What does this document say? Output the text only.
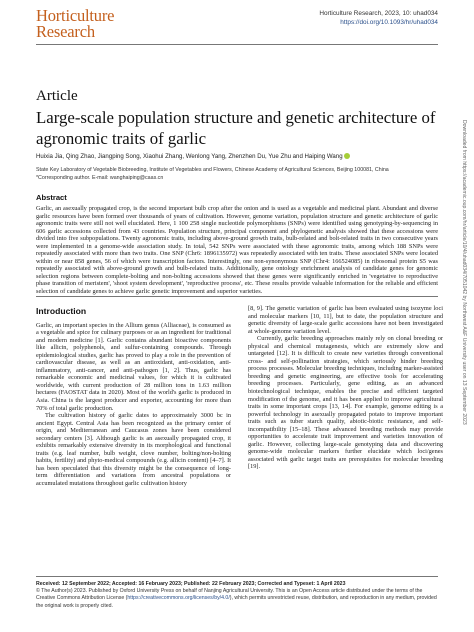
Horticulture
Research
Horticulture Research, 2023, 10: uhad034
https://doi.org/10.1093/hr/uhad034
Downloaded from https://academic.oup.com/hr/article/10/4/uhad034/7051042 by Northwest A&F University user on 13 September 2023
Article
Large-scale population structure and genetic architecture of agronomic traits of garlic
Huixia Jia, Qing Zhao, Jiangping Song, Xiaohui Zhang, Wenlong Yang, Zhenzhen Du, Yue Zhu and Haiping Wang
State Key Laboratory of Vegetable Biobreeding, Institute of Vegetables and Flowers, Chinese Academy of Agricultural Sciences, Beijing 100081, China
*Corresponding author. E-mail: wanghaiping@caas.cn
Abstract

Garlic, an asexually propagated crop, is the second important bulb crop after the onion and is used as a vegetable and medicinal plant. Abundant and diverse garlic resources have been formed over thousands of years of cultivation. However, genome variation, population structure and genetic architecture of garlic agronomic traits were still not well elucidated. Here, 1 100 258 single nucleotide polymorphisms (SNPs) were identified using genotyping-by-sequencing in 606 garlic accessions collected from 43 countries. Population structure, principal component and phylogenetic analysis showed that these accessions were divided into five subpopulations. Twenty agronomic traits, including above-ground growth traits, bulb-related and bolt-related traits in two consecutive years were implemented in a genome-wide association study. In total, 542 SNPs were associated with these agronomic traits, among which 188 SNPs were repeatedly associated with more than two traits. One SNP (Chr6: 1896135972) was repeatedly associated with ten traits. These associated SNPs were located within or near 858 genes, 56 of which were transcription factors. Interestingly, one non-synonymous SNP (Chr4: 166524085) in ribosomal protein S5 was repeatedly associated with above-ground growth and bulb-related traits. Additionally, gene ontology enrichment analysis of candidate genes for genomic selection regions between complete-bolting and non-bolting accessions showed that these genes were significantly enriched in 'vegetative to reproductive phase transition of meristem', 'shoot system development', 'reproductive process', etc. These results provide valuable information for the reliable and efficient selection of candidate genes to achieve garlic genetic improvement and superior varieties.

Introduction

Garlic, an important species in the Allium genus (Alliaceae), is consumed as a vegetable and spice for culinary purposes or as an ingredient for traditional and modern medicine [1]. Garlic contains abundant bioactive components like allicin, polyphenols, and sulfur-containing compounds. Through epidemiological studies, garlic has proved to play a role in the prevention of cardiovascular disease, as well as an antioxidant, anti-oxidation, anti-inflammatory, anti-cancer, and anti-pathogen [1, 2]. Thus, garlic has remarkable economic and medicinal values, for which it is cultivated worldwide, with current production of 28 million tons in 1.63 million hectares (FAOSTAT data in 2020). Most of the world's garlic is produced in Asia. China is the largest producer and exporter, accounting for more than 70% of total garlic production.

The cultivation history of garlic dates to approximately 3000 bc in ancient Egypt. Central Asia has been recognized as the primary center of origin, and Mediterranean and Caucasus zones have been considered secondary centers [3]. Although garlic is an asexually propagated crop, it exhibits remarkably extensive diversity in its morphological and functional traits (e.g. leaf number, bulb weight, clove number, bolting/non-bolting habits, fertility) and phyto-medical compounds (e.g. allicin content) [4–7]. It has been speculated that this diversity might be the consequence of long-term differentiation and variations from ancestral populations or accumulated mutations throughout garlic cultivation history

[8, 9]. The genetic variation of garlic has been evaluated using isozyme loci and molecular markers [10, 11], but to date, the population structure and genetic diversity of large-scale garlic accessions have not been investigated at whole-genome variation level.

Currently, garlic breeding approaches mainly rely on clonal breeding or physical and chemical mutagenesis, which are extremely slow and untargeted [12]. It is difficult to create new varieties through conventional cross- and self-pollination strategies, which seriously hinder breeding process processes. Molecular breeding techniques, including marker-assisted breeding and genetic engineering, are effective tools for accelerating breeding processes. Particularly, gene editing, as an advanced biotechnological technique, enables the precise and efficient targeted modification of the genome, and it has been applied to improve agricultural traits in some important crops [13, 14]. For example, genome editing is a powerful technology in asexually propagated potato to improve important traits such as tuber starch quality, abiotic-biotic resistance, and self-incompatibility [15–18]. These advanced breeding methods may provide opportunities to accelerate trait improvement and varieties innovation of garlic. However, collecting large-scale genotyping data and discovering genome-wide molecular markers further elucidate which loci/genes associated with garlic target traits are prerequisites for molecular breeding [19].

Received: 12 September 2022; Accepted: 16 February 2023; Published: 22 February 2023; Corrected and Typeset: 1 April 2023
© The Author(s) 2023. Published by Oxford University Press on behalf of Nanjing Agricultural University. This is an Open Access article distributed under the terms of the Creative Commons Attribution License (https://creativecommons.org/licenses/by/4.0/), which permits unrestricted reuse, distribution, and reproduction in any medium, provided the original work is properly cited.
